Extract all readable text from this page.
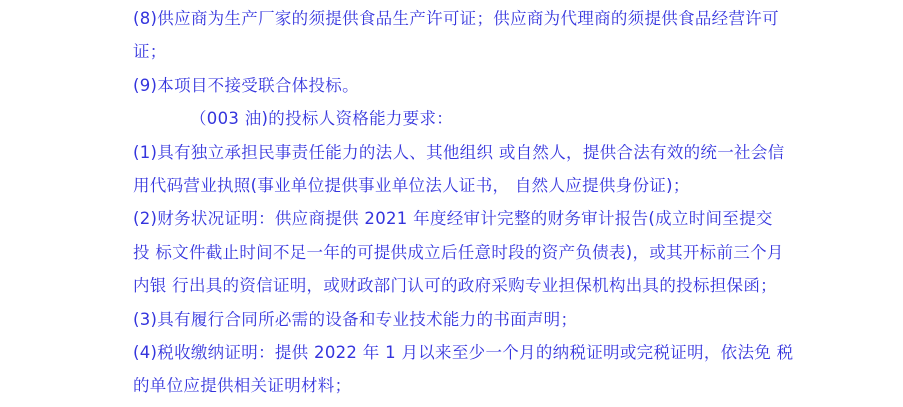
(8)供应商为生产厂家的须提供食品生产许可证；供应商为代理商的须提供食品经营许可
证；
(9)本项目不接受联合体投标。
（003 油)的投标人资格能力要求：
(1)具有独立承担民事责任能力的法人、其他组织 或自然人，提供合法有效的统一社会信
用代码营业执照(事业单位提供事业单位法人证书， 自然人应提供身份证)；
(2)财务状况证明：供应商提供 2021 年度经审计完整的财务审计报告(成立时间至提交
投 标文件截止时间不足一年的可提供成立后任意时段的资产负债表)，或其开标前三个月
内银 行出具的资信证明，或财政部门认可的政府采购专业担保机构出具的投标担保函；
(3)具有履行合同所必需的设备和专业技术能力的书面声明；
(4)税收缴纳证明：提供 2022 年 1 月以来至少一个月的纳税证明或完税证明，依法免 税
的单位应提供相关证明材料；
